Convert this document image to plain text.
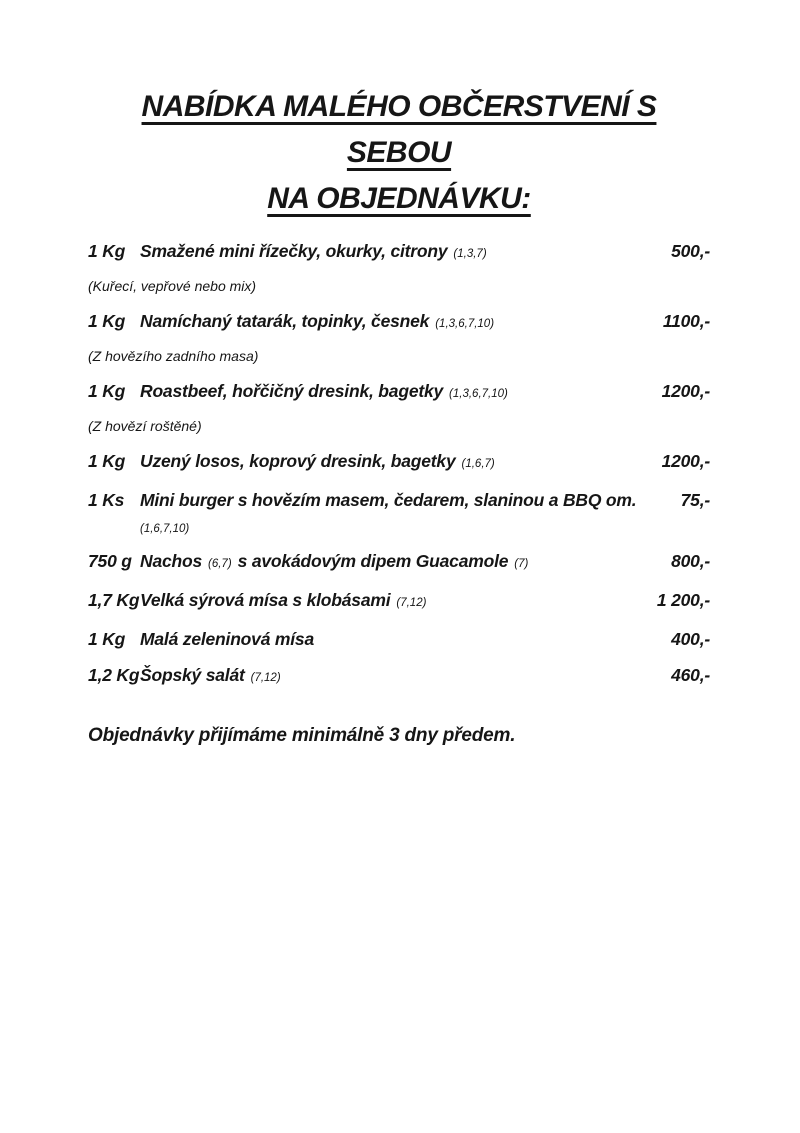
NABÍDKA MALÉHO OBČERSTVENÍ S SEBOU
NA OBJEDNÁVKU:
1 Kg Smažené mini řízečky, okurky, citrony (1,3,7)	500,-
(Kuřecí, vepřové nebo mix)
1 Kg Namíchaný tatarák, topinky, česnek (1,3,6,7,10)	1100,-
(Z hovězího zadního masa)
1 Kg Roastbeef, hořčičný dresink, bagetky (1,3,6,7,10)	1200,-
(Z hovězí roštěné)
1 Kg Uzený losos, koprový dresink, bagetky (1,6,7)	1200,-
1 Ks Mini burger s hovězím masem, čedarem, slaninou a BBQ om.	75,-
(1,6,7,10)
750 g Nachos (6,7) s avokádovým dipem Guacamole (7)	800,-
1,7 KgVelká sýrová mísa s klobásami (7,12)	1 200,-
1 Kg Malá zeleninová mísa	400,-
1,2 KgŠopský salát (7,12)	460,-

Objednávky přijímáme minimálně 3 dny předem.
